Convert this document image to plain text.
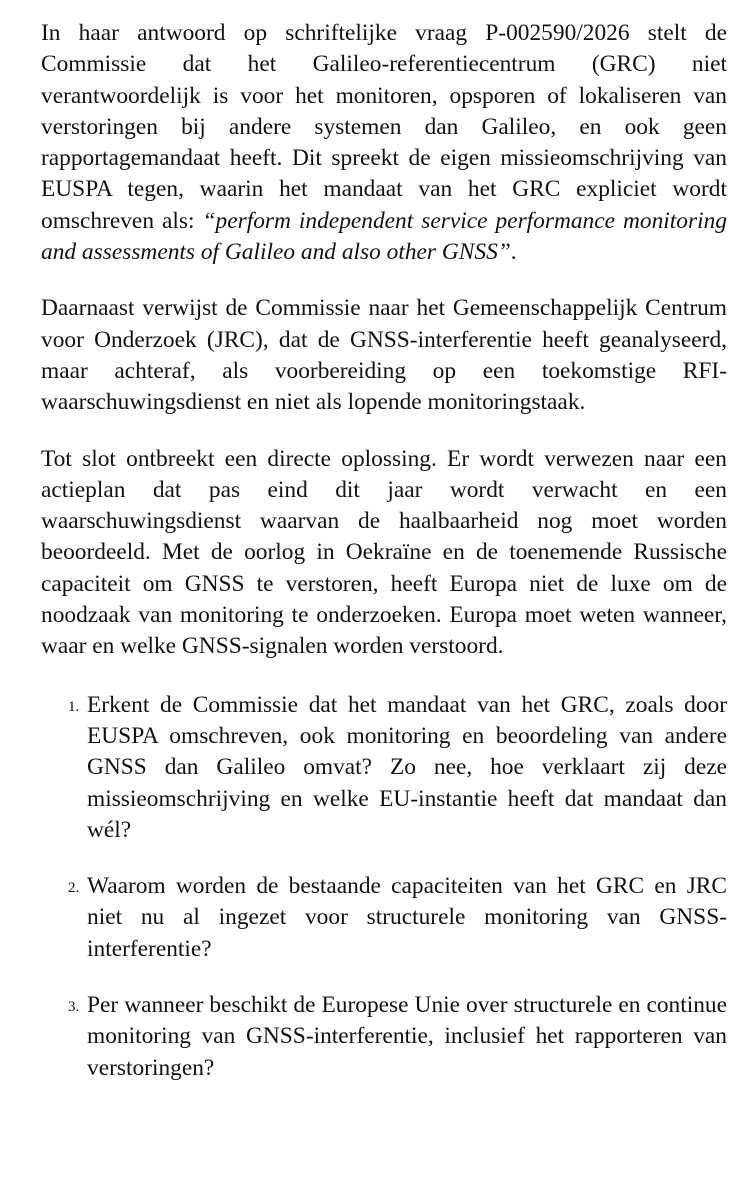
In haar antwoord op schriftelijke vraag P-002590/2026 stelt de Commissie dat het Galileo-referentiecentrum (GRC) niet verantwoordelijk is voor het monitoren, opsporen of lokaliseren van verstoringen bij andere systemen dan Galileo, en ook geen rapportagemandaat heeft. Dit spreekt de eigen missieomschrijving van EUSPA tegen, waarin het mandaat van het GRC expliciet wordt omschreven als: “perform independent service performance monitoring and assessments of Galileo and also other GNSS”.

Daarnaast verwijst de Commissie naar het Gemeenschappelijk Centrum voor Onderzoek (JRC), dat de GNSS-interferentie heeft geanalyseerd, maar achteraf, als voorbereiding op een toekomstige RFI-waarschuwingsdienst en niet als lopende monitoringstaak.

Tot slot ontbreekt een directe oplossing. Er wordt verwezen naar een actieplan dat pas eind dit jaar wordt verwacht en een waarschuwingsdienst waarvan de haalbaarheid nog moet worden beoordeeld. Met de oorlog in Oekraïne en de toenemende Russische capaciteit om GNSS te verstoren, heeft Europa niet de luxe om de noodzaak van monitoring te onderzoeken. Europa moet weten wanneer, waar en welke GNSS-signalen worden verstoord.

1. Erkent de Commissie dat het mandaat van het GRC, zoals door EUSPA omschreven, ook monitoring en beoordeling van andere GNSS dan Galileo omvat? Zo nee, hoe verklaart zij deze missieomschrijving en welke EU-instantie heeft dat mandaat dan wél?
2. Waarom worden de bestaande capaciteiten van het GRC en JRC niet nu al ingezet voor structurele monitoring van GNSS-interferentie?
3. Per wanneer beschikt de Europese Unie over structurele en continue monitoring van GNSS-interferentie, inclusief het rapporteren van verstoringen?
